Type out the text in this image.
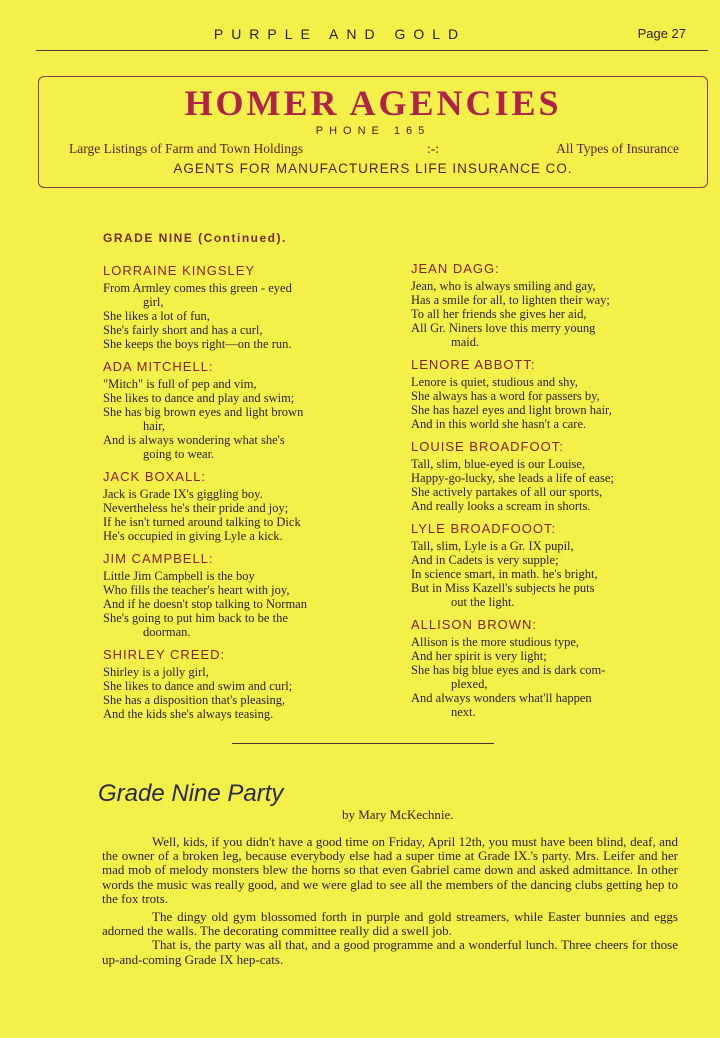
PURPLE AND GOLD	Page 27
HOMER AGENCIES
PHONE 165
Large Listings of Farm and Town Holdings	:-:	All Types of Insurance
AGENTS FOR MANUFACTURERS LIFE INSURANCE CO.
GRADE NINE (Continued).
LORRAINE KINGSLEY
From Armley comes this green - eyed
girl,
She likes a lot of fun,
She's fairly short and has a curl,
She keeps the boys right—on the run.
ADA MITCHELL:
"Mitch" is full of pep and vim,
She likes to dance and play and swim;
She has big brown eyes and light brown
hair,
And is always wondering what she's
going to wear.
JACK BOXALL:
Jack is Grade IX's giggling boy.
Nevertheless he's their pride and joy;
If he isn't turned around talking to Dick
He's occupied in giving Lyle a kick.
JIM CAMPBELL:
Little Jim Campbell is the boy
Who fills the teacher's heart with joy,
And if he doesn't stop talking to Norman
She's going to put him back to be the
doorman.
SHIRLEY CREED:
Shirley is a jolly girl,
She likes to dance and swim and curl;
She has a disposition that's pleasing,
And the kids she's always teasing.
JEAN DAGG:
Jean, who is always smiling and gay,
Has a smile for all, to lighten their way;
To all her friends she gives her aid,
All Gr. Niners love this merry young
maid.
LENORE ABBOTT:
Lenore is quiet, studious and shy,
She always has a word for passers by,
She has hazel eyes and light brown hair,
And in this world she hasn't a care.
LOUISE BROADFOOT:
Tall, slim, blue-eyed is our Louise,
Happy-go-lucky, she leads a life of ease;
She actively partakes of all our sports,
And really looks a scream in shorts.
LYLE BROADFOOOT:
Tall, slim, Lyle is a Gr. IX pupil,
And in Cadets is very supple;
In science smart, in math. he's bright,
But in Miss Kazell's subjects he puts
out the light.
ALLISON BROWN:
Allison is the more studious type,
And her spirit is very light;
She has big blue eyes and is dark com-
plexed,
And always wonders what'll happen
next.
Grade Nine Party
by Mary McKechnie.

Well, kids, if you didn't have a good time on Friday, April 12th, you must have been blind, deaf, and the owner of a broken leg, because everybody else had a super time at Grade IX.'s party. Mrs. Leifer and her mad mob of melody monsters blew the horns so that even Gabriel came down and asked admittance. In other words the music was really good, and we were glad to see all the members of the dancing clubs getting hep to the fox trots.

The dingy old gym blossomed forth in purple and gold streamers, while Easter bunnies and eggs adorned the walls. The decorating committee really did a swell job.

That is, the party was all that, and a good programme and a wonderful lunch. Three cheers for those up-and-coming Grade IX hep-cats.
